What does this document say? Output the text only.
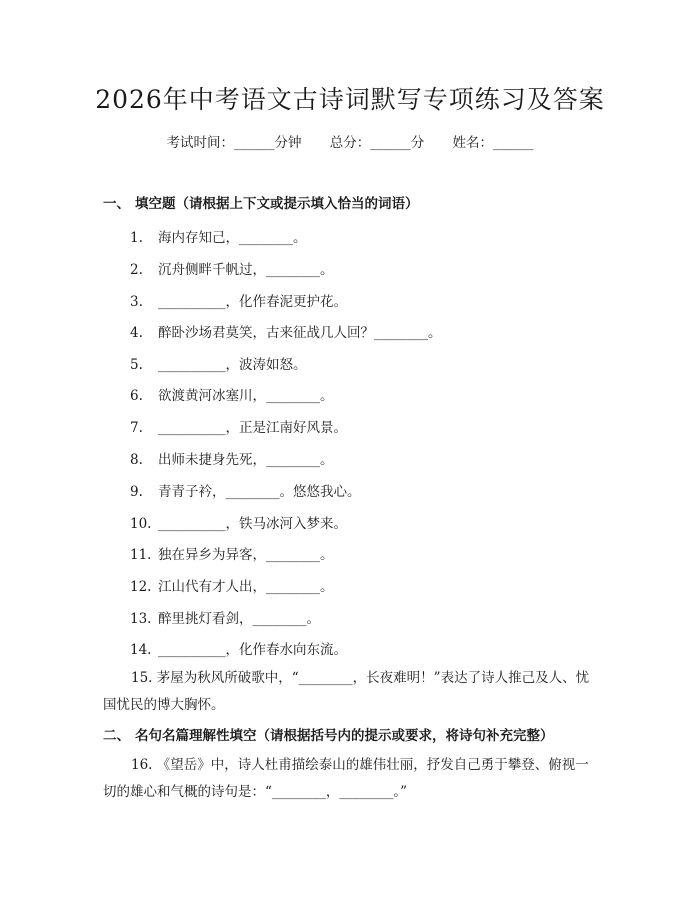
2026年中考语文古诗词默写专项练习及答案
考试时间：______分钟 总分：______分 姓名：______
一、 填空题（请根据上下文或提示填入恰当的词语）
1. 海内存知己，________。
2. 沉舟侧畔千帆过，________。
3. __________，化作春泥更护花。
4. 醉卧沙场君莫笑，古来征战几人回？________。
5. __________，波涛如怒。
6. 欲渡黄河冰塞川，________。
7. __________，正是江南好风景。
8. 出师未捷身先死，________。
9. 青青子衿，________。悠悠我心。
10. __________，铁马冰河入梦来。
11. 独在异乡为异客，________。
12. 江山代有才人出，________。
13. 醉里挑灯看剑，________。
14. __________，化作春水向东流。
15. 茅屋为秋风所破歌中，“________，长夜难明！”表达了诗人推己及人、忧国忧民的博大胸怀。
二、 名句名篇理解性填空（请根据括号内的提示或要求，将诗句补充完整）
16. 《望岳》中，诗人杜甫描绘泰山的雄伟壮丽，抒发自己勇于攀登、俯视一切的雄心和气概的诗句是：“________，________。”
